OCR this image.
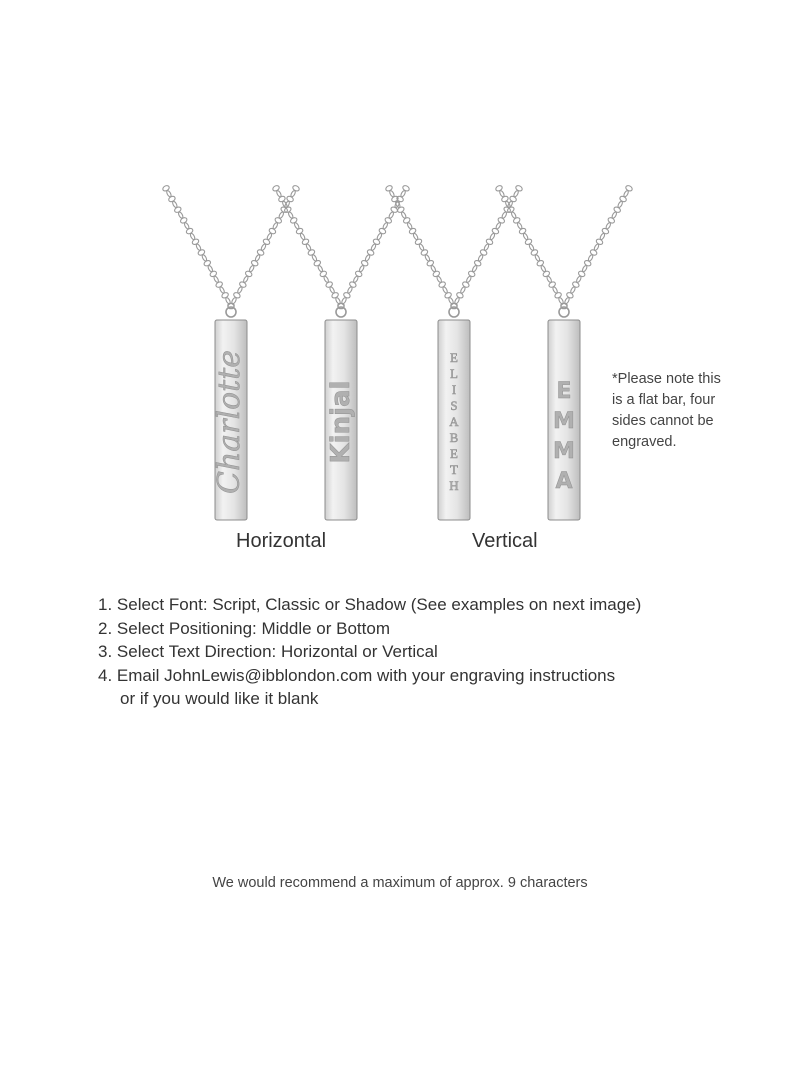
Charlotte	Kinjal
E
L
I
S
A
B
E
T
H
E
M
M
A
Horizontal	Vertical
*Please note this
is a flat bar, four
sides cannot be
engraved.
1. Select Font: Script, Classic or Shadow (See examples on next image)
2. Select Positioning: Middle or Bottom
3. Select Text Direction: Horizontal or Vertical
4. Email JohnLewis@ibblondon.com with your engraving instructions
or if you would like it blank
We would recommend a maximum of approx. 9 characters
